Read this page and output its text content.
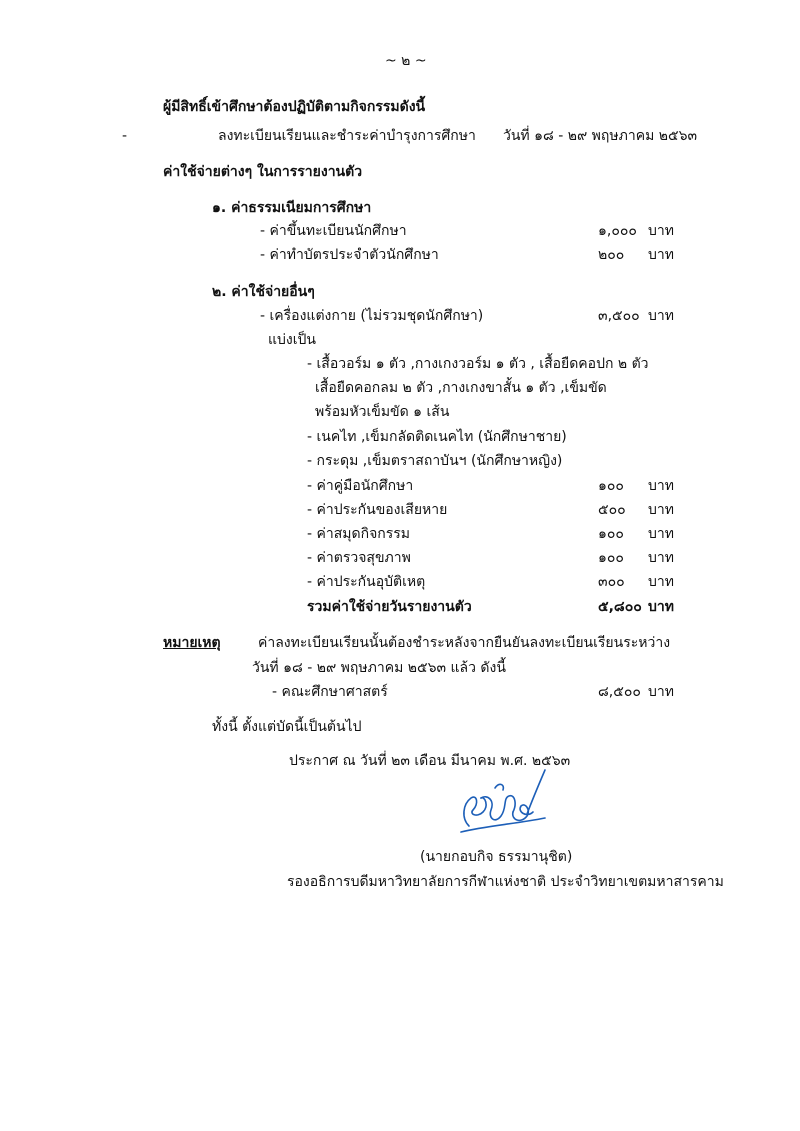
~ ๒ ~
ผู้มีสิทธิ์เข้าศึกษาต้องปฏิบัติตามกิจกรรมดังนี้
-	ลงทะเบียนเรียนและชำระค่าบำรุงการศึกษา วันที่ ๑๘ - ๒๙ พฤษภาคม ๒๕๖๓
ค่าใช้จ่ายต่างๆ ในการรายงานตัว
๑. ค่าธรรมเนียมการศึกษา
- ค่าขึ้นทะเบียนนักศึกษา	๑,๐๐๐ บาท
- ค่าทำบัตรประจำตัวนักศึกษา	๒๐๐ บาท
๒. ค่าใช้จ่ายอื่นๆ
- เครื่องแต่งกาย (ไม่รวมชุดนักศึกษา)	๓,๕๐๐ บาท
แบ่งเป็น
- เสื้อวอร์ม ๑ ตัว ,กางเกงวอร์ม ๑ ตัว , เสื้อยืดคอปก ๒ ตัว
เสื้อยืดคอกลม ๒ ตัว ,กางเกงขาสั้น ๑ ตัว ,เข็มขัด
พร้อมหัวเข็มขัด ๑ เส้น
- เนคไท ,เข็มกลัดติดเนคไท (นักศึกษาชาย)
- กระดุม ,เข็มตราสถาบันฯ (นักศึกษาหญิง)
- ค่าคู่มือนักศึกษา	๑๐๐ บาท
- ค่าประกันของเสียหาย	๕๐๐ บาท
- ค่าสมุดกิจกรรม	๑๐๐ บาท
- ค่าตรวจสุขภาพ	๑๐๐ บาท
- ค่าประกันอุบัติเหตุ	๓๐๐ บาท
รวมค่าใช้จ่ายวันรายงานตัว	๕,๘๐๐ บาท
หมายเหตุ	ค่าลงทะเบียนเรียนนั้นต้องชำระหลังจากยืนยันลงทะเบียนเรียนระหว่าง
วันที่ ๑๘ - ๒๙ พฤษภาคม ๒๕๖๓ แล้ว ดังนี้
- คณะศึกษาศาสตร์	๘,๕๐๐ บาท
ทั้งนี้ ตั้งแต่บัดนี้เป็นต้นไป
ประกาศ ณ วันที่ ๒๓ เดือน มีนาคม พ.ศ. ๒๕๖๓
(นายกอบกิจ ธรรมานุชิต)
รองอธิการบดีมหาวิทยาลัยการกีฬาแห่งชาติ ประจำวิทยาเขตมหาสารคาม
